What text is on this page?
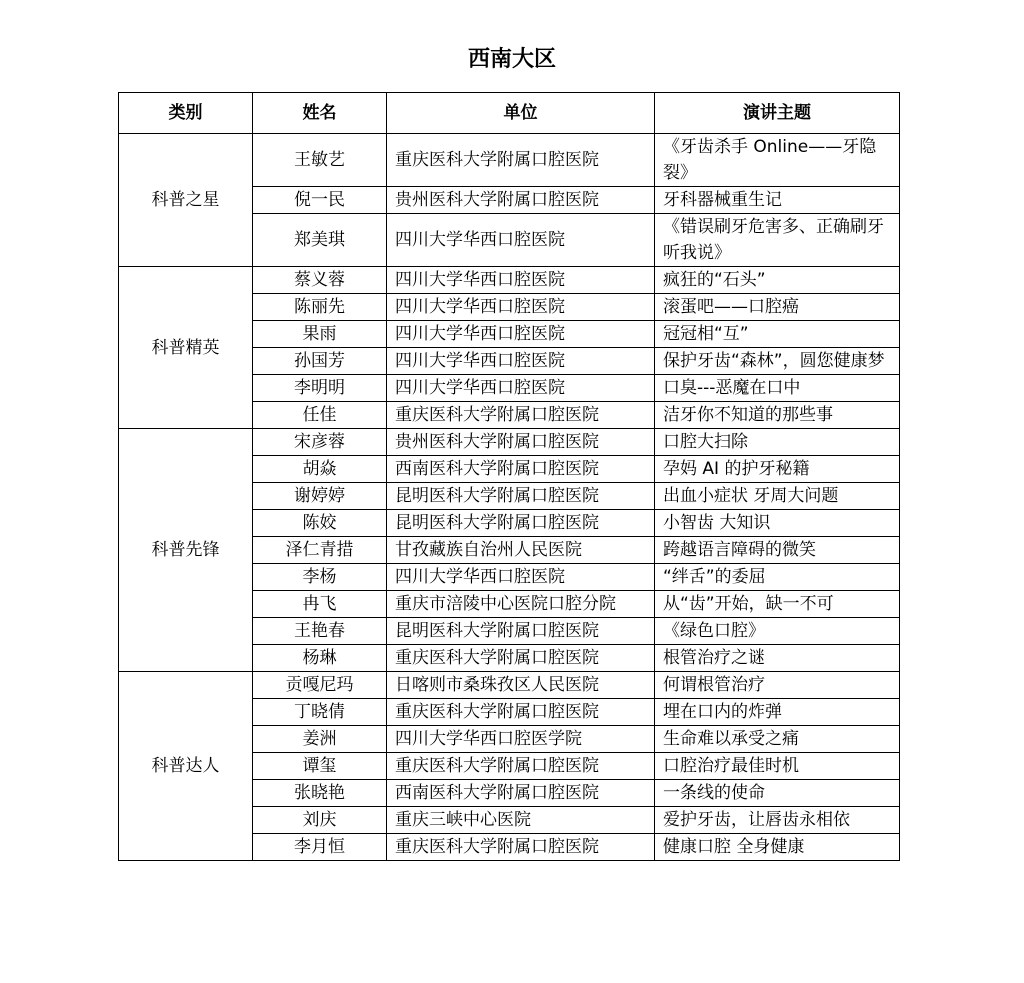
西南大区
类别	姓名	单位	演讲主题
科普之星	王敏艺	重庆医科大学附属口腔医院	《牙齿杀手 Online——牙隐裂》
	倪一民	贵州医科大学附属口腔医院	牙科器械重生记
	郑美琪	四川大学华西口腔医院	《错误刷牙危害多、正确刷牙听我说》
科普精英	蔡义蓉	四川大学华西口腔医院	疯狂的“石头”
	陈丽先	四川大学华西口腔医院	滚蛋吧——口腔癌
	果雨	四川大学华西口腔医院	冠冠相“互”
	孙国芳	四川大学华西口腔医院	保护牙齿“森林”，圆您健康梦
	李明明	四川大学华西口腔医院	口臭---恶魔在口中
	任佳	重庆医科大学附属口腔医院	洁牙你不知道的那些事
科普先锋	宋彦蓉	贵州医科大学附属口腔医院	口腔大扫除
	胡焱	西南医科大学附属口腔医院	孕妈 AI 的护牙秘籍
	谢婷婷	昆明医科大学附属口腔医院	出血小症状 牙周大问题
	陈姣	昆明医科大学附属口腔医院	小智齿 大知识
	泽仁青措	甘孜藏族自治州人民医院	跨越语言障碍的微笑
	李杨	四川大学华西口腔医院	“绊舌”的委屈
	冉飞	重庆市涪陵中心医院口腔分院	从“齿”开始，缺一不可
	王艳春	昆明医科大学附属口腔医院	《绿色口腔》
	杨琳	重庆医科大学附属口腔医院	根管治疗之谜
科普达人	贡嘎尼玛	日喀则市桑珠孜区人民医院	何谓根管治疗
	丁晓倩	重庆医科大学附属口腔医院	埋在口内的炸弹
	姜洲	四川大学华西口腔医学院	生命难以承受之痛
	谭玺	重庆医科大学附属口腔医院	口腔治疗最佳时机
	张晓艳	西南医科大学附属口腔医院	一条线的使命
	刘庆	重庆三峡中心医院	爱护牙齿，让唇齿永相依
	李月恒	重庆医科大学附属口腔医院	健康口腔 全身健康
